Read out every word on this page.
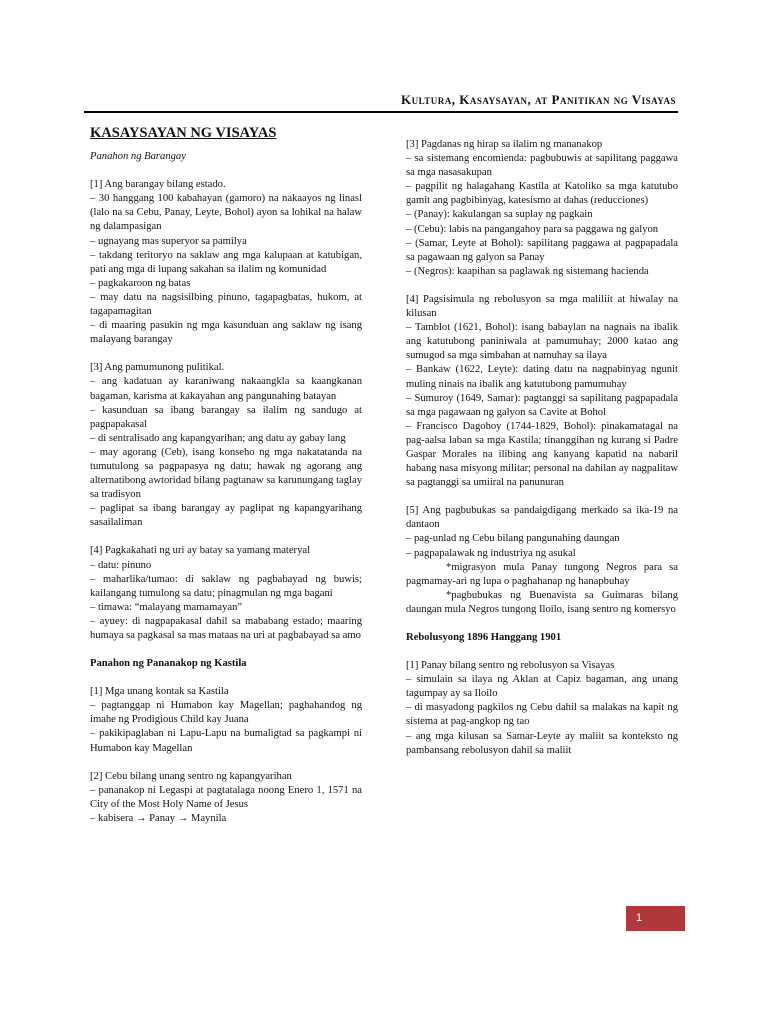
Kultura, Kasaysayan, at Panitikan ng Visayas
KASAYSAYAN NG VISAYAS
Panahon ng Barangay
[1] Ang barangay bilang estado.
– 30 hanggang 100 kabahayan (gamoro) na nakaayos ng linasl (lalo na sa Cebu, Panay, Leyte, Bohol) ayon sa lohikal na halaw ng dalampasigan
– ugnayang mas superyor sa pamilya
– takdang teritoryo na saklaw ang mga kalupaan at katubigan, pati ang mga di lupang sakahan sa ilalim ng komunidad
– pagkakaroon ng batas
– may datu na nagsisilbing pinuno, tagapagbatas, hukom, at tagapamagitan
– di maaring pasukin ng mga kasunduan ang saklaw ng isang malayang barangay
[3] Ang pamumunong pulitikal.
– ang kadatuan ay karaniwang nakaangkla sa kaangkanan bagaman, karisma at kakayahan ang pangunahing batayan
– kasunduan sa ibang barangay sa ilalim ng sandugo at pagpapakasal
– di sentralisado ang kapangyarihan; ang datu ay gabay lang
– may agorang (Ceb), isang konseho ng mga nakatatanda na tumutulong sa pagpapasya ng datu; hawak ng agorang ang alternatibong awtoridad bilang pagtanaw sa karunungang taglay sa tradisyon
– paglipat sa ibang barangay ay paglipat ng kapangyarihang sasailaliman
[4] Pagkakahati ng uri ay batay sa yamang materyal
– datu: pinuno
– maharlika/tumao: di saklaw ng pagbabayad ng buwis; kailangang tumulong sa datu; pinagmulan ng mga bagani
– timawa: “malayang mamamayan”
– ayuey: di nagpapakasal dahil sa mababang estado; maaring humaya sa pagkasal sa mas mataas na uri at pagbabayad sa amo
Panahon ng Pananakop ng Kastila
[1] Mga unang kontak sa Kastila
– pagtanggap ni Humabon kay Magellan; paghahandog ng imahe ng Prodigious Child kay Juana
– pakikipaglaban ni Lapu-Lapu na bumaligtad sa pagkampi ni Humabon kay Magellan
[2] Cebu bilang unang sentro ng kapangyarihan
– pananakop ni Legaspi at pagtatalaga noong Enero 1, 1571 na City of the Most Holy Name of Jesus
– kabisera → Panay → Maynila
[3] Pagdanas ng hirap sa ilalim ng mananakop
– sa sistemang encomienda: pagbubuwis at sapilitang paggawa sa mga nasasakupan
– pagpilit ng halagahang Kastila at Katoliko sa mga katutubo gamit ang pagbibinyag, katesismo at dahas (reducciones)
– (Panay): kakulangan sa suplay ng pagkain
– (Cebu): labis na pangangahoy para sa paggawa ng galyon
– (Samar, Leyte at Bohol): sapilitang paggawa at pagpapadala sa pagawaan ng galyon sa Panay
– (Negros): kaapihan sa paglawak ng sistemang hacienda
[4] Pagsisimula ng rebolusyon sa mga maliliit at hiwalay na kilusan
– Tamblot (1621, Bohol): isang babaylan na nagnais na ibalik ang katutubong paniniwala at pamumuhay; 2000 katao ang sumugod sa mga simbahan at namuhay sa ilaya
– Bankaw (1622, Leyte): dating datu na nagpabinyag ngunit muling ninais na ibalik ang katutubong pamumuhay
– Sumuroy (1649, Samar): pagtanggi sa sapilitang pagpapadala sa mga pagawaan ng galyon sa Cavite at Bohol
– Francisco Dagohoy (1744-1829, Bohol): pinakamatagal na pag-aalsa laban sa mga Kastila; tinanggihan ng kurang si Padre Gaspar Morales na ilibing ang kanyang kapatid na nabaril habang nasa misyong militar; personal na dahilan ay nagpalitaw sa pagtanggi sa umiiral na panunuran
[5] Ang pagbubukas sa pandaigdigang merkado sa ika-19 na dantaon
– pag-unlad ng Cebu bilang pangunahing daungan
– pagpapalawak ng industriya ng asukal
*migrasyon mula Panay tungong Negros para sa pagmamay-ari ng lupa o paghahanap ng hanapbuhay
*pagbubukas ng Buenavista sa Guimaras bilang daungan mula Negros tungong Iloilo, isang sentro ng komersyo
Rebolusyong 1896 Hanggang 1901
[1] Panay bilang sentro ng rebolusyon sa Visayas
– simulain sa ilaya ng Aklan at Capiz bagaman, ang unang tagumpay ay sa Iloilo
– di masyadong pagkilos ng Cebu dahil sa malakas na kapit ng sistema at pag-angkop ng tao
– ang mga kilusan sa Samar-Leyte ay maliit sa konteksto ng pambansang rebolusyon dahil sa maliit
1
